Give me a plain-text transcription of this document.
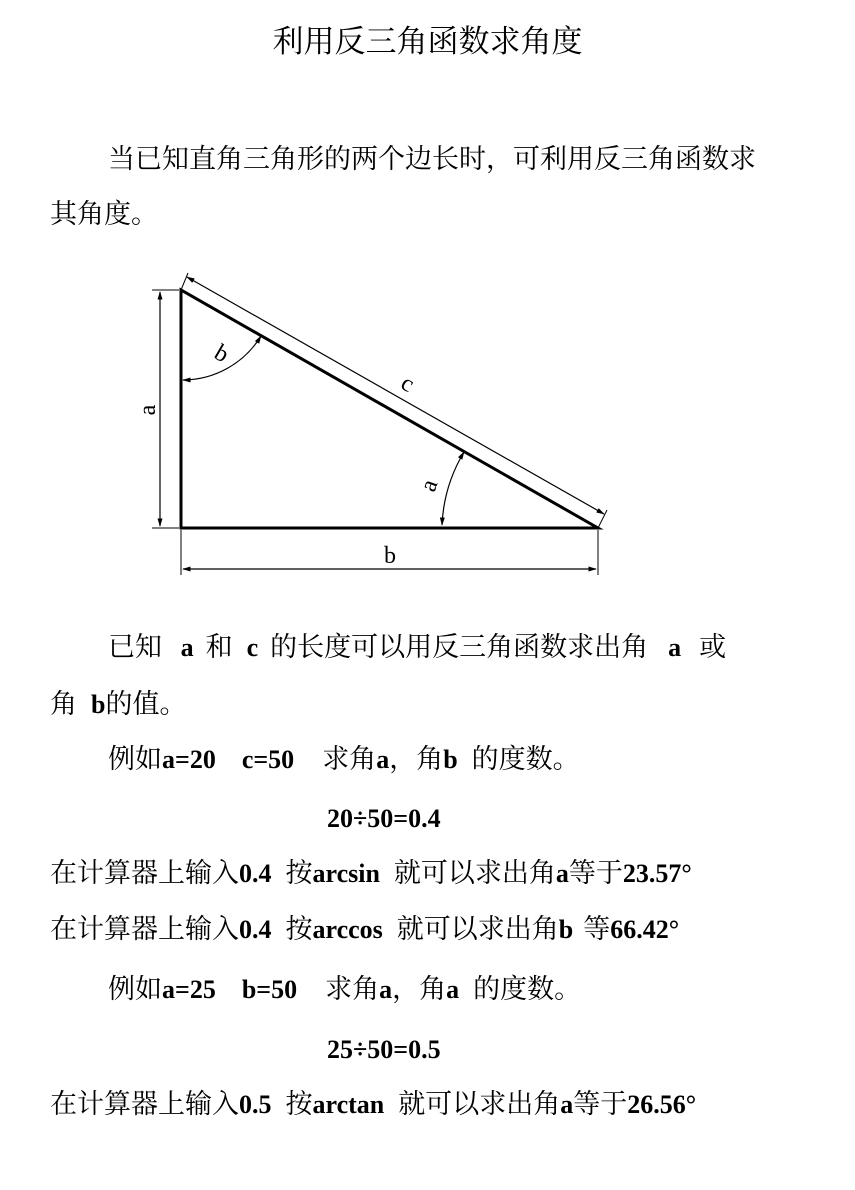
利用反三角函数求角度
当已知直角三角形的两个边长时，可利用反三角函数求
其角度。
a
b
c
b
a
已知 a 和 c 的长度可以用反三角函数求出角 a 或
角 b的值。
例如a=20 c=50 求角a，角b 的度数。
20÷50=0.4
在计算器上输入0.4 按arcsin 就可以求出角a等于23.57°
在计算器上输入0.4 按arccos 就可以求出角b 等66.42°
例如a=25 b=50 求角a，角a 的度数。
25÷50=0.5
在计算器上输入0.5 按arctan 就可以求出角a等于26.56°
